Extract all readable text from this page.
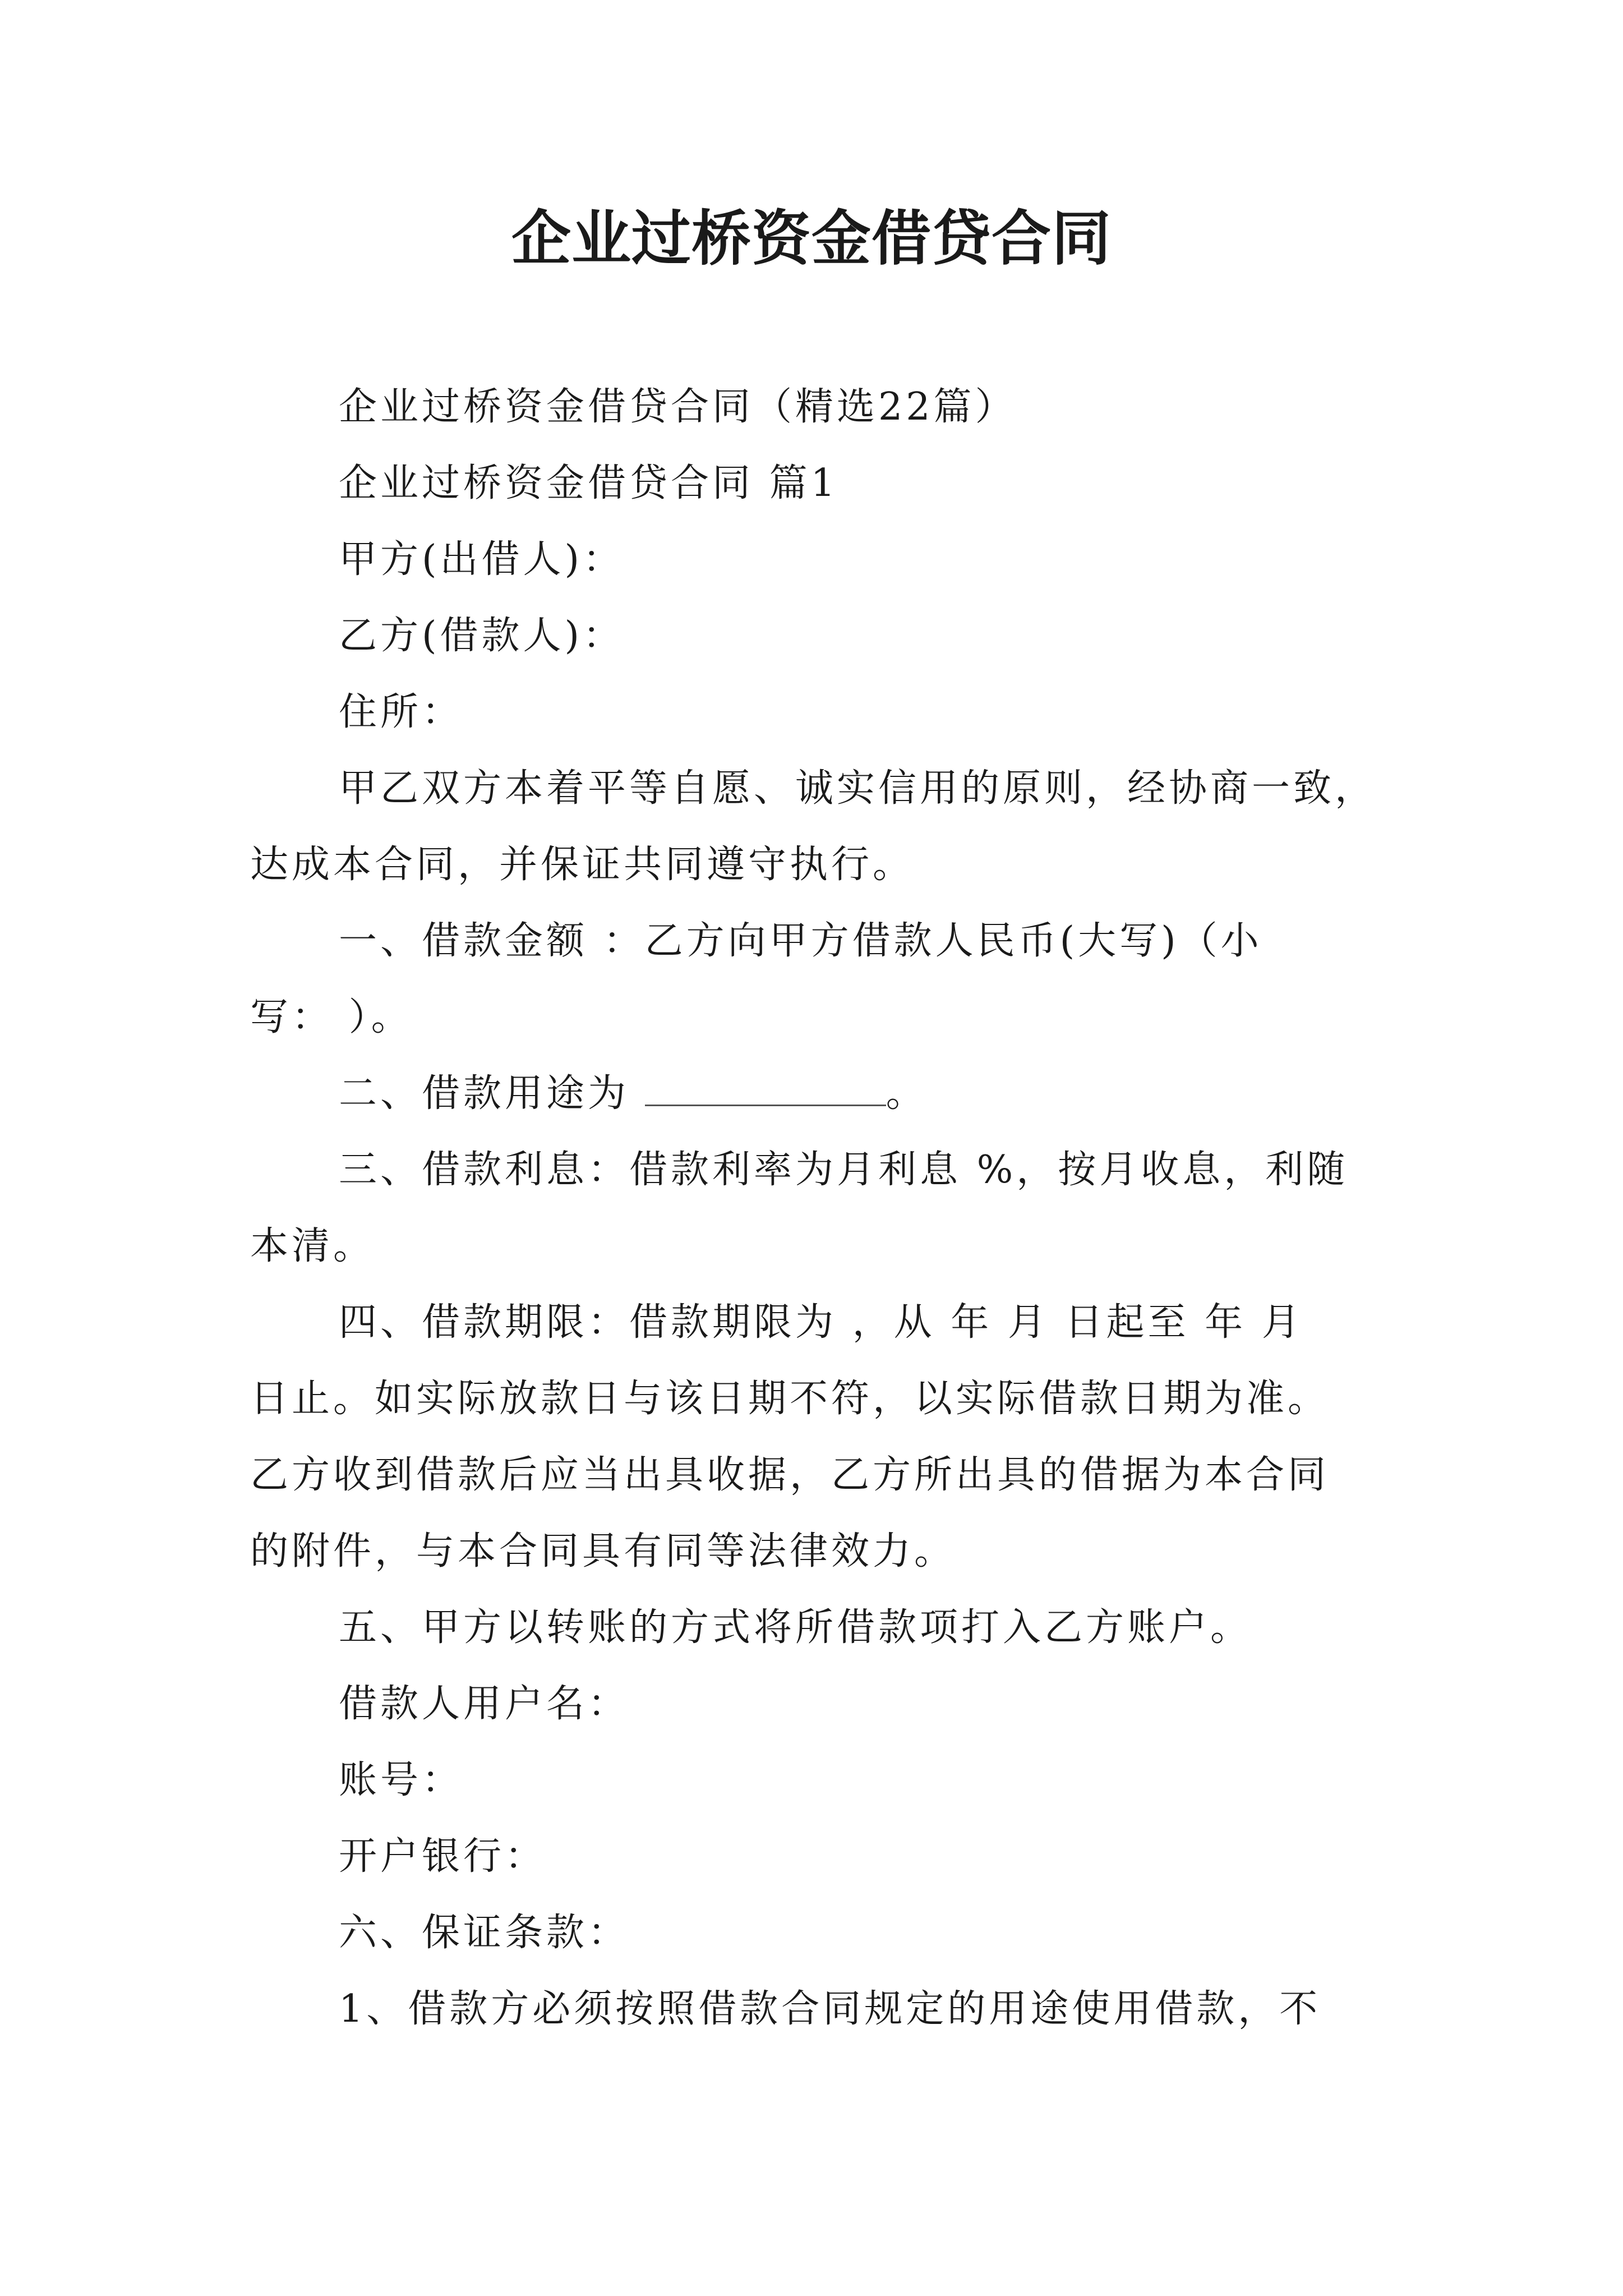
企业过桥资金借贷合同

企业过桥资金借贷合同（精选22篇）

企业过桥资金借贷合同 篇1

甲方(出借人)：

乙方(借款人)：

住所：

甲乙双方本着平等自愿、诚实信用的原则，经协商一致，

达成本合同，并保证共同遵守执行。

一、借款金额 ：乙方向甲方借款人民币(大写)（小

写： ）。

二、借款用途为	。

三、借款利息：借款利率为月利息 %，按月收息，利随

本清。

四、借款期限：借款期限为 ，从 年 月 日起至 年 月

日止。如实际放款日与该日期不符，以实际借款日期为准。

乙方收到借款后应当出具收据，乙方所出具的借据为本合同

的附件，与本合同具有同等法律效力。

五、甲方以转账的方式将所借款项打入乙方账户。

借款人用户名：

账号：

开户银行：

六、保证条款：

1、借款方必须按照借款合同规定的用途使用借款，不
